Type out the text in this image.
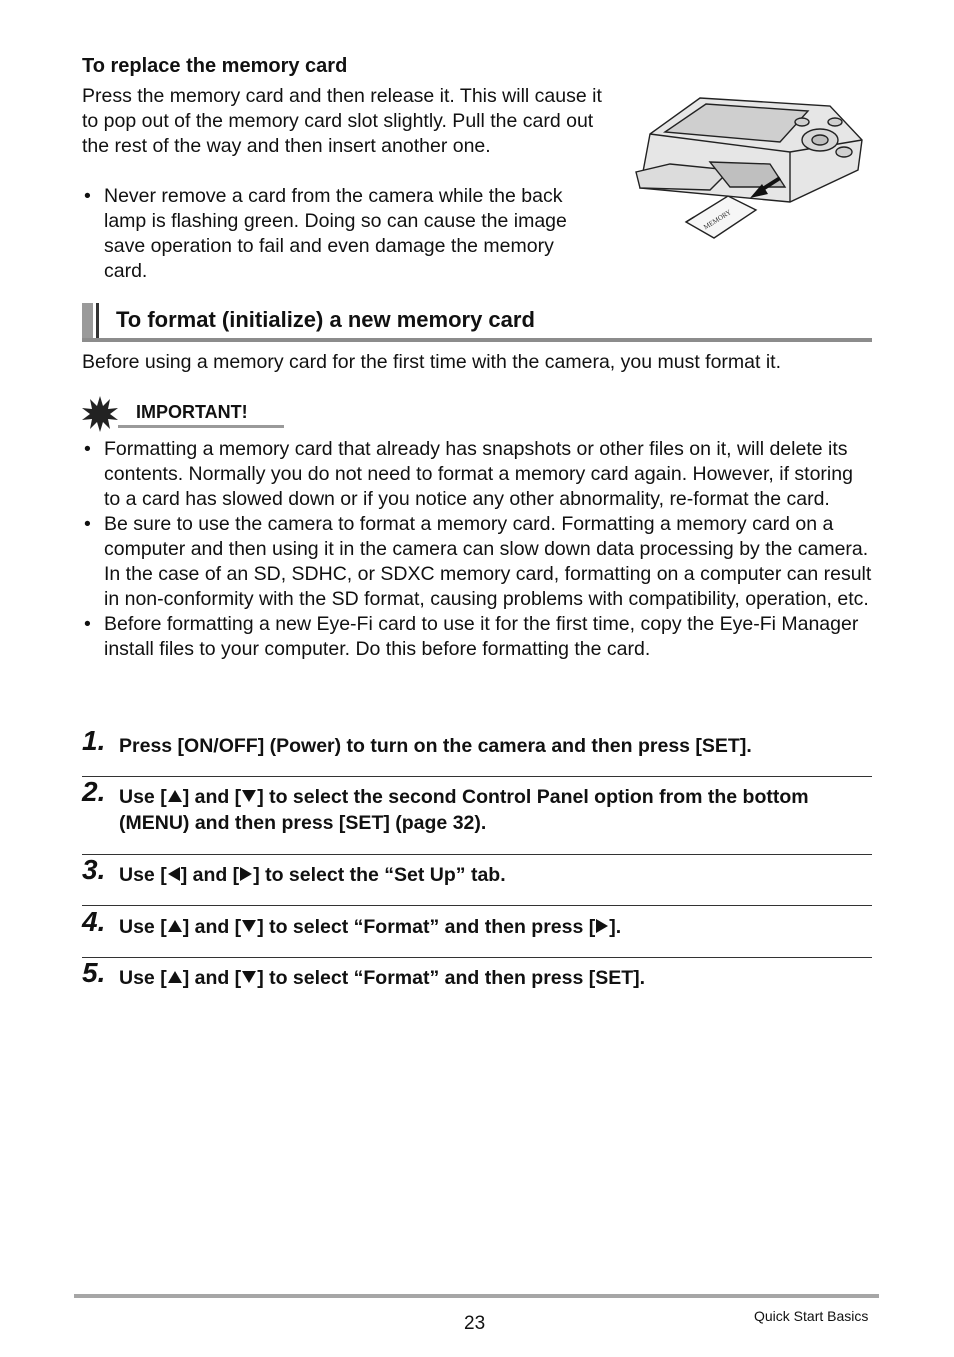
To replace the memory card
Press the memory card and then release it. This will cause it to pop out of the memory card slot slightly. Pull the card out the rest of the way and then insert another one.
• Never remove a card from the camera while the back lamp is flashing green. Doing so can cause the image save operation to fail and even damage the memory card.
MEMORY
To format (initialize) a new memory card
Before using a memory card for the first time with the camera, you must format it.
IMPORTANT!
• Formatting a memory card that already has snapshots or other files on it, will delete its contents. Normally you do not need to format a memory card again. However, if storing to a card has slowed down or if you notice any other abnormality, re-format the card.
• Be sure to use the camera to format a memory card. Formatting a memory card on a computer and then using it in the camera can slow down data processing by the camera. In the case of an SD, SDHC, or SDXC memory card, formatting on a computer can result in non-conformity with the SD format, causing problems with compatibility, operation, etc.
• Before formatting a new Eye-Fi card to use it for the first time, copy the Eye-Fi Manager install files to your computer. Do this before formatting the card.
1. Press [ON/OFF] (Power) to turn on the camera and then press [SET].
2. Use [ ] and [ ] to select the second Control Panel option from the bottom (MENU) and then press [SET] (page 32).
3. Use [ ] and [ ] to select the “Set Up” tab.
4. Use [ ] and [ ] to select “Format” and then press [ ].
5. Use [ ] and [ ] to select “Format” and then press [SET].
23	Quick Start Basics
